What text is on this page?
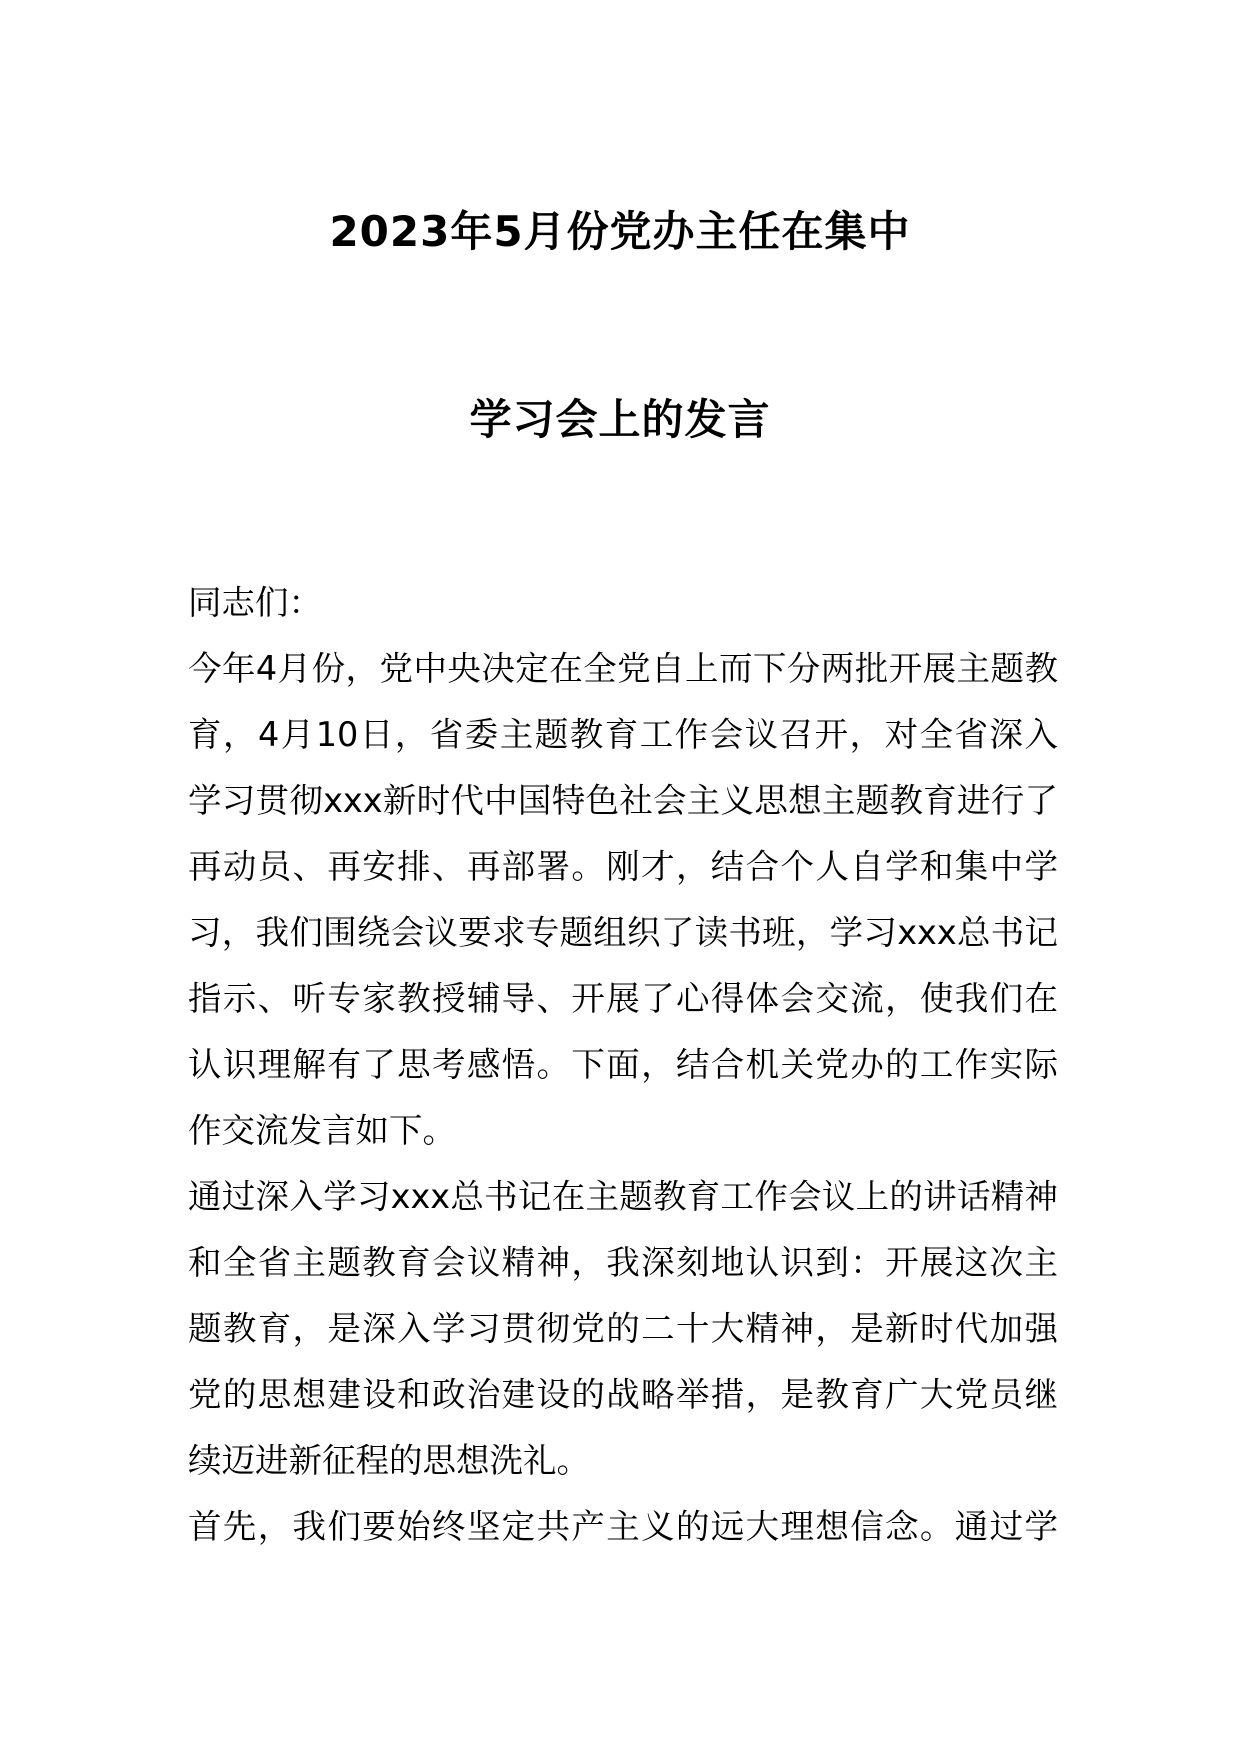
2023年5月份党办主任在集中
学习会上的发言
同志们：
今年4月份，党中央决定在全党自上而下分两批开展主题教
育，4月10日，省委主题教育工作会议召开，对全省深入
学习贯彻xxx新时代中国特色社会主义思想主题教育进行了
再动员、再安排、再部署。刚才，结合个人自学和集中学
习，我们围绕会议要求专题组织了读书班，学习xxx总书记
指示、听专家教授辅导、开展了心得体会交流，使我们在
认识理解有了思考感悟。下面，结合机关党办的工作实际
作交流发言如下。
通过深入学习xxx总书记在主题教育工作会议上的讲话精神
和全省主题教育会议精神，我深刻地认识到：开展这次主
题教育，是深入学习贯彻党的二十大精神，是新时代加强
党的思想建设和政治建设的战略举措，是教育广大党员继
续迈进新征程的思想洗礼。
首先，我们要始终坚定共产主义的远大理想信念。通过学
